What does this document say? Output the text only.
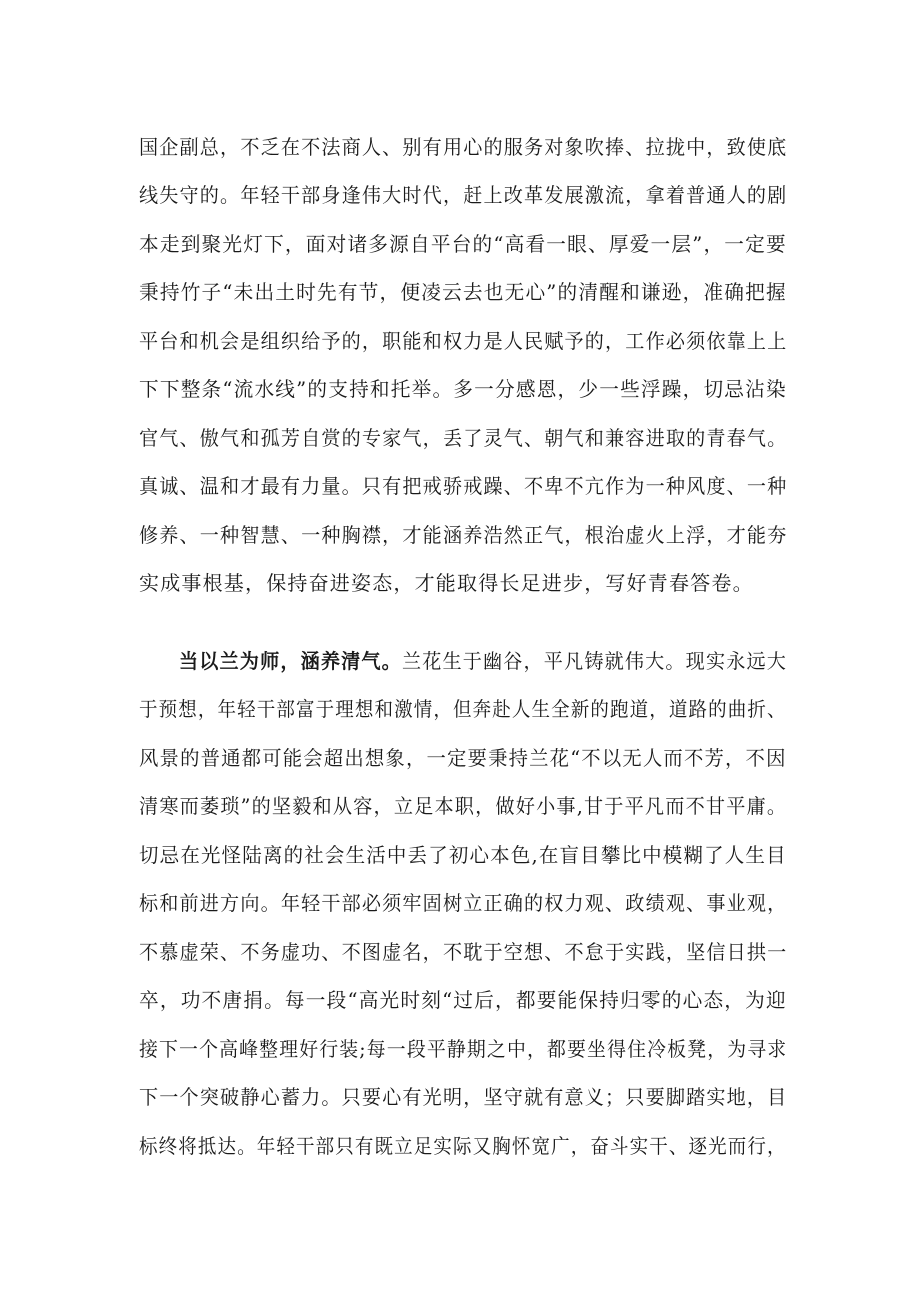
国企副总，不乏在不法商人、别有用心的服务对象吹捧、拉拢中，致使底
线失守的。年轻干部身逢伟大时代，赶上改革发展激流，拿着普通人的剧
本走到聚光灯下，面对诸多源自平台的“高看一眼、厚爱一层”，一定要
秉持竹子“未出土时先有节，便凌云去也无心”的清醒和谦逊，准确把握
平台和机会是组织给予的，职能和权力是人民赋予的，工作必须依靠上上
下下整条“流水线”的支持和托举。多一分感恩，少一些浮躁，切忌沾染
官气、傲气和孤芳自赏的专家气，丢了灵气、朝气和兼容进取的青春气。
真诚、温和才最有力量。只有把戒骄戒躁、不卑不亢作为一种风度、一种
修养、一种智慧、一种胸襟，才能涵养浩然正气，根治虚火上浮，才能夯
实成事根基，保持奋进姿态，才能取得长足进步，写好青春答卷。
当以兰为师，涵养清气。兰花生于幽谷，平凡铸就伟大。现实永远大
于预想，年轻干部富于理想和激情，但奔赴人生全新的跑道，道路的曲折、
风景的普通都可能会超出想象，一定要秉持兰花“不以无人而不芳，不因
清寒而萎琐”的坚毅和从容，立足本职，做好小事,甘于平凡而不甘平庸。
切忌在光怪陆离的社会生活中丢了初心本色,在盲目攀比中模糊了人生目
标和前进方向。年轻干部必须牢固树立正确的权力观、政绩观、事业观，
不慕虚荣、不务虚功、不图虚名，不耽于空想、不怠于实践，坚信日拱一
卒，功不唐捐。每一段“高光时刻“过后，都要能保持归零的心态，为迎
接下一个高峰整理好行装;每一段平静期之中，都要坐得住冷板凳，为寻求
下一个突破静心蓄力。只要心有光明，坚守就有意义；只要脚踏实地，目
标终将抵达。年轻干部只有既立足实际又胸怀宽广，奋斗实干、逐光而行，
